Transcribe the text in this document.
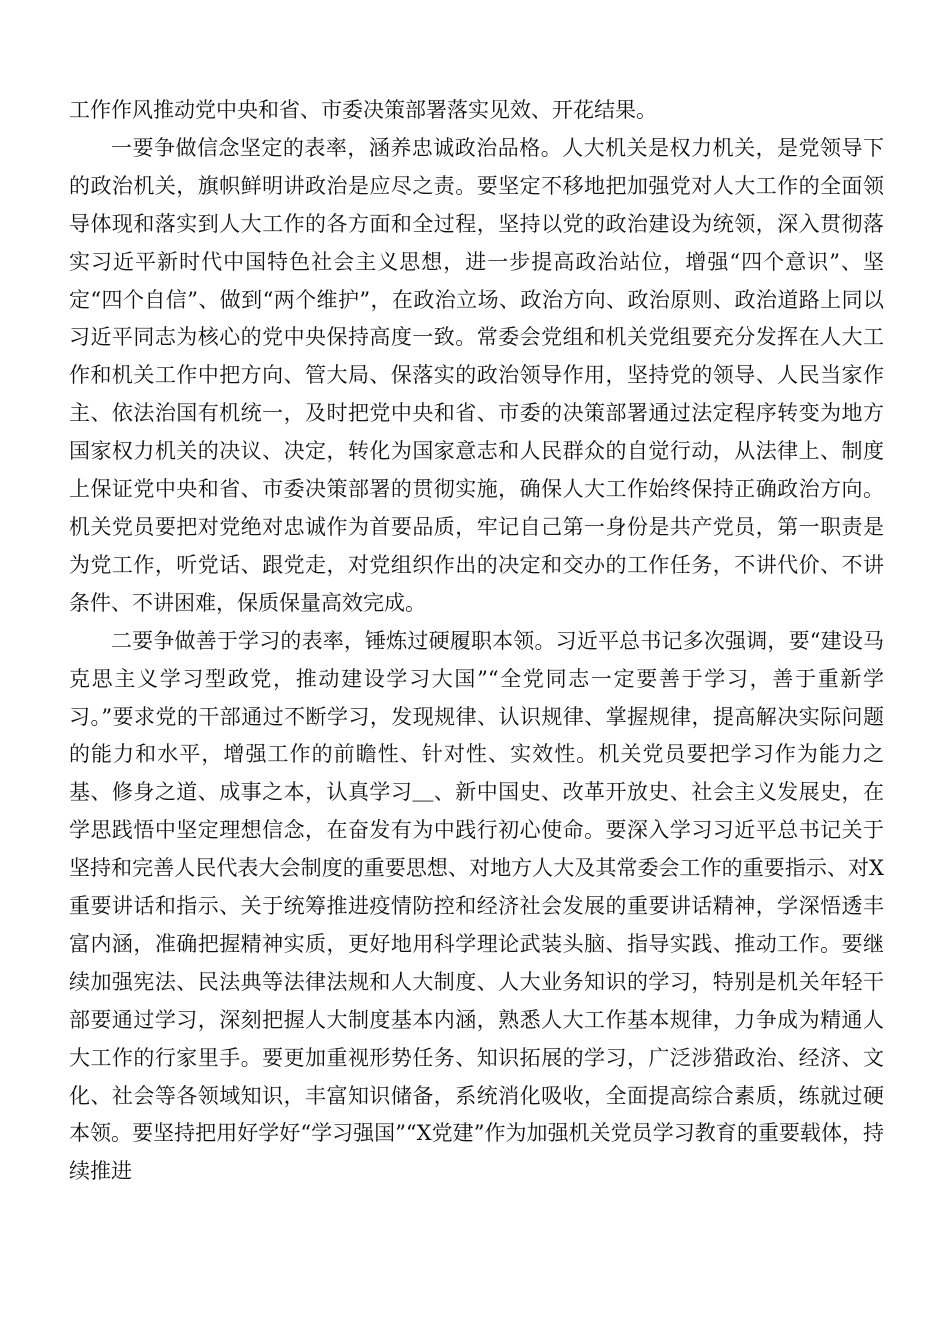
工作作风推动党中央和省、市委决策部署落实见效、开花结果。

一要争做信念坚定的表率，涵养忠诚政治品格。人大机关是权力机关，是党领导下的政治机关，旗帜鲜明讲政治是应尽之责。要坚定不移地把加强党对人大工作的全面领导体现和落实到人大工作的各方面和全过程，坚持以党的政治建设为统领，深入贯彻落实习近平新时代中国特色社会主义思想，进一步提高政治站位，增强“四个意识”、坚定“四个自信”、做到“两个维护”，在政治立场、政治方向、政治原则、政治道路上同以习近平同志为核心的党中央保持高度一致。常委会党组和机关党组要充分发挥在人大工作和机关工作中把方向、管大局、保落实的政治领导作用，坚持党的领导、人民当家作主、依法治国有机统一，及时把党中央和省、市委的决策部署通过法定程序转变为地方国家权力机关的决议、决定，转化为国家意志和人民群众的自觉行动，从法律上、制度上保证党中央和省、市委决策部署的贯彻实施，确保人大工作始终保持正确政治方向。机关党员要把对党绝对忠诚作为首要品质，牢记自己第一身份是共产党员，第一职责是为党工作，听党话、跟党走，对党组织作出的决定和交办的工作任务，不讲代价、不讲条件、不讲困难，保质保量高效完成。

二要争做善于学习的表率，锤炼过硬履职本领。习近平总书记多次强调，要“建设马克思主义学习型政党，推动建设学习大国”“全党同志一定要善于学习，善于重新学习。”要求党的干部通过不断学习，发现规律、认识规律、掌握规律，提高解决实际问题的能力和水平，增强工作的前瞻性、针对性、实效性。机关党员要把学习作为能力之基、修身之道、成事之本，认真学习＿、新中国史、改革开放史、社会主义发展史，在学思践悟中坚定理想信念，在奋发有为中践行初心使命。要深入学习习近平总书记关于坚持和完善人民代表大会制度的重要思想、对地方人大及其常委会工作的重要指示、对X重要讲话和指示、关于统筹推进疫情防控和经济社会发展的重要讲话精神，学深悟透丰富内涵，准确把握精神实质，更好地用科学理论武装头脑、指导实践、推动工作。要继续加强宪法、民法典等法律法规和人大制度、人大业务知识的学习，特别是机关年轻干部要通过学习，深刻把握人大制度基本内涵，熟悉人大工作基本规律，力争成为精通人大工作的行家里手。要更加重视形势任务、知识拓展的学习，广泛涉猎政治、经济、文化、社会等各领域知识，丰富知识储备，系统消化吸收，全面提高综合素质，练就过硬本领。要坚持把用好学好“学习强国”“X党建”作为加强机关党员学习教育的重要载体，持续推进
